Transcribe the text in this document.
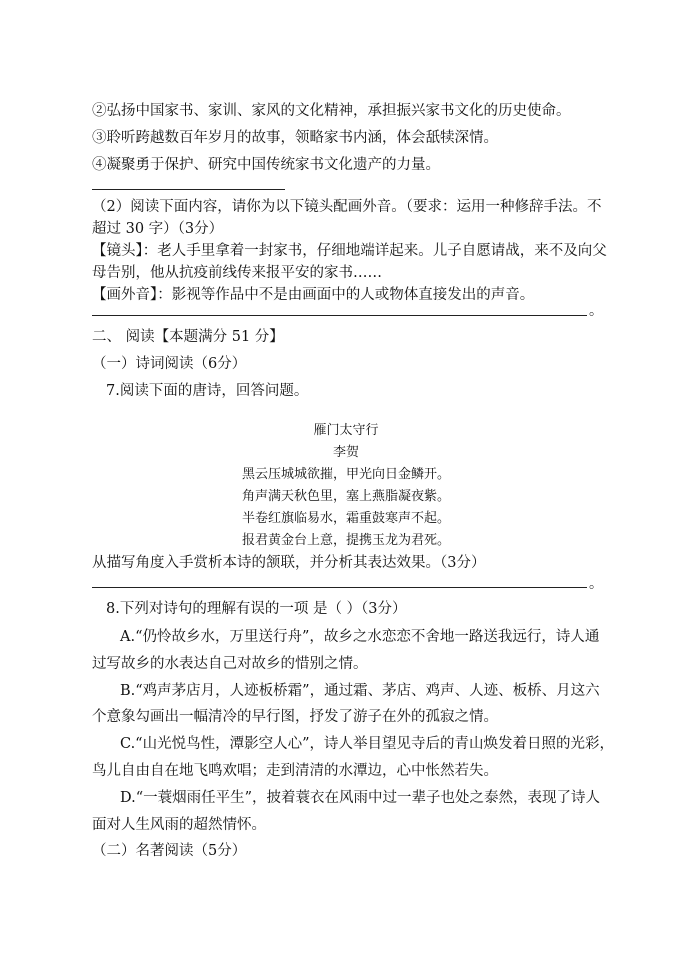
②弘扬中国家书、家训、家风的文化精神，承担振兴家书文化的历史使命。
③聆听跨越数百年岁月的故事，领略家书内涵，体会舐犊深情。
④凝聚勇于保护、研究中国传统家书文化遗产的力量。
（2）阅读下面内容，请你为以下镜头配画外音。（要求：运用一种修辞手法。不
超过 30 字）（3分）
【镜头】：老人手里拿着一封家书，仔细地端详起来。儿子自愿请战，来不及向父
母告别，他从抗疫前线传来报平安的家书……
【画外音】：影视等作品中不是由画面中的人或物体直接发出的声音。
。
二、 阅读【本题满分 51 分】
（一）诗词阅读（6分）
7.阅读下面的唐诗，回答问题。
雁门太守行
李贺
黑云压城城欲摧，甲光向日金鳞开。
角声满天秋色里，塞上燕脂凝夜紫。
半卷红旗临易水，霜重鼓寒声不起。
报君黄金台上意，提携玉龙为君死。
从描写角度入手赏析本诗的颔联，并分析其表达效果。（3分）
。
8.下列对诗句的理解有误的一项 是（ ）（3分）
A.“仍怜故乡水，万里送行舟”，故乡之水恋恋不舍地一路送我远行，诗人通
过写故乡的水表达自己对故乡的惜别之情。
B.“鸡声茅店月，人迹板桥霜”，通过霜、茅店、鸡声、人迹、板桥、月这六
个意象勾画出一幅清冷的早行图，抒发了游子在外的孤寂之情。
C.“山光悦鸟性，潭影空人心”，诗人举目望见寺后的青山焕发着日照的光彩，
鸟儿自由自在地飞鸣欢唱；走到清清的水潭边，心中怅然若失。
D.“一蓑烟雨任平生”，披着蓑衣在风雨中过一辈子也处之泰然，表现了诗人
面对人生风雨的超然情怀。
（二）名著阅读（5分）
